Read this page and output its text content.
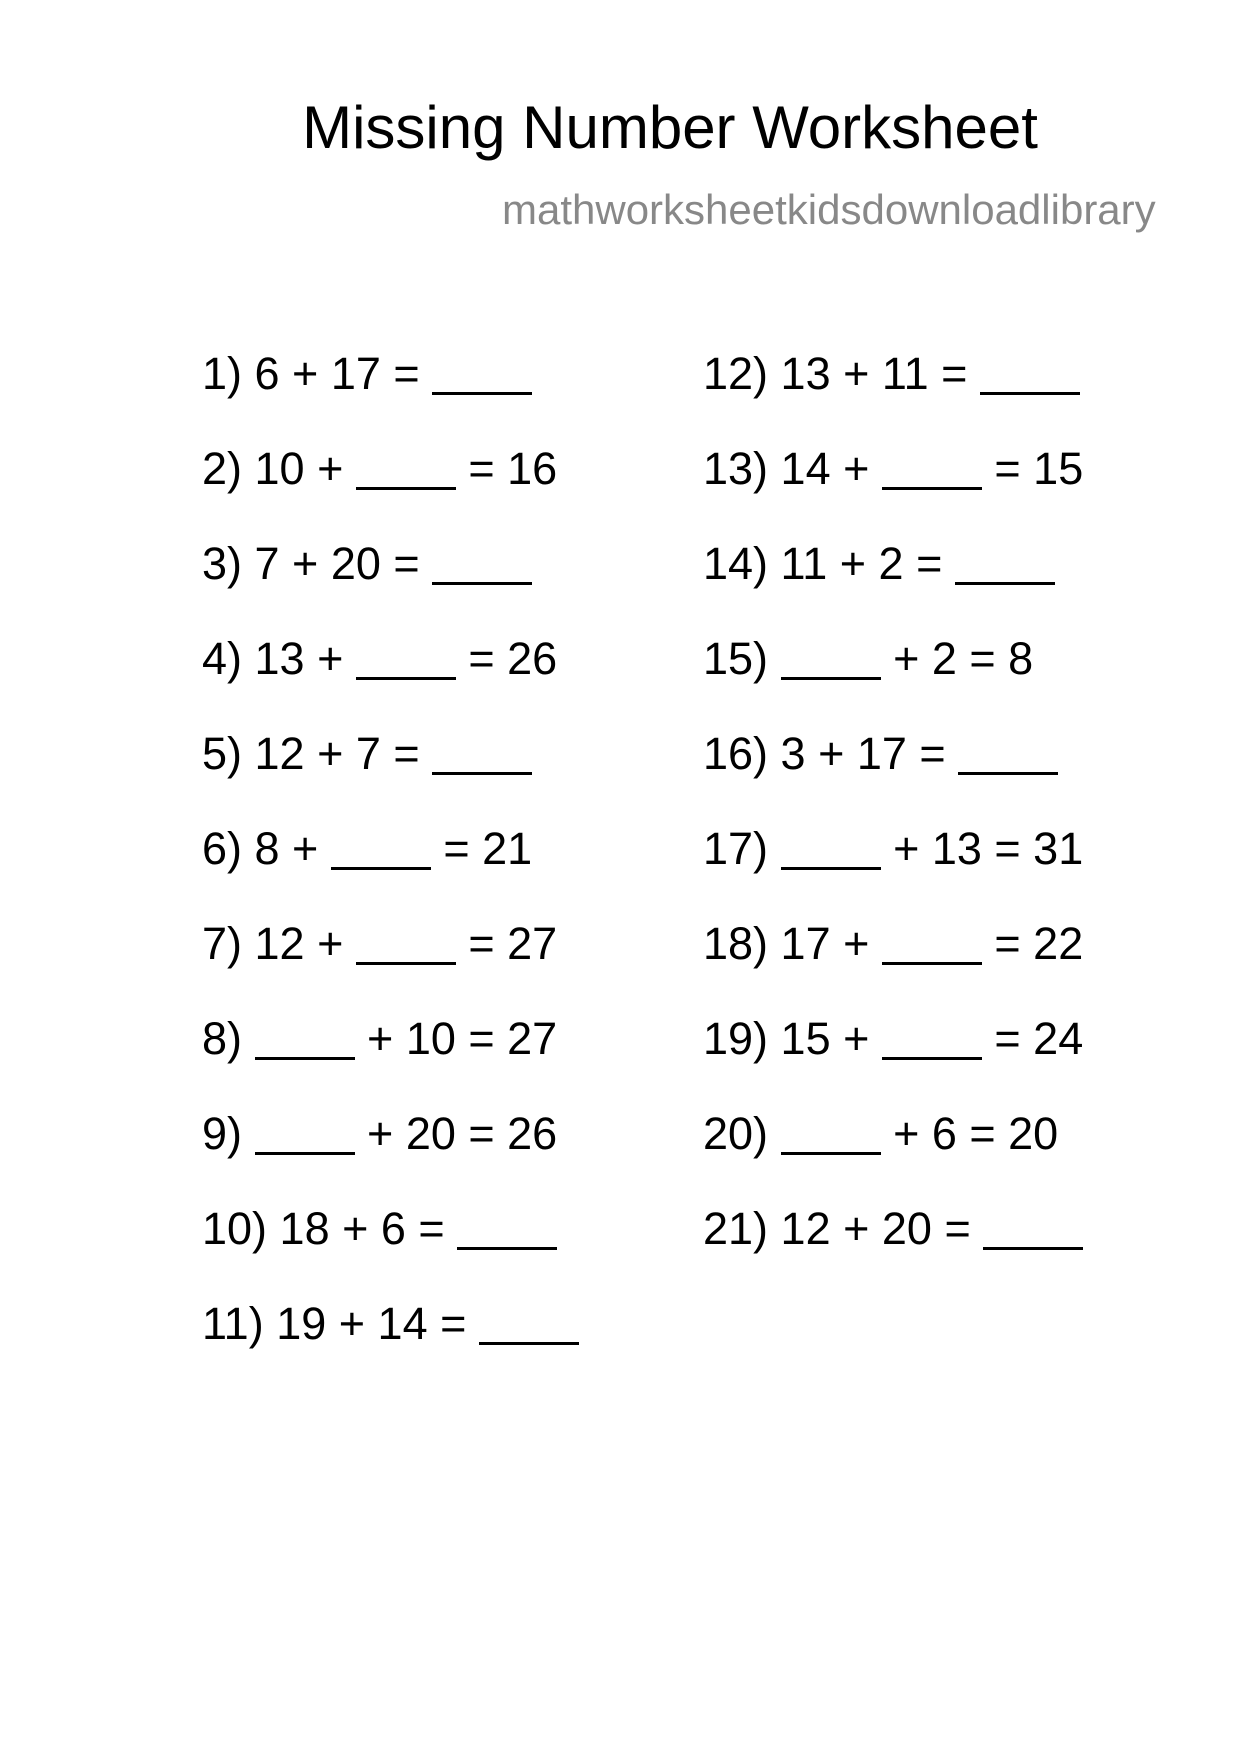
Missing Number Worksheet
mathworksheetkidsdownloadlibrary
1) 6 + 17 =
2) 10 +  = 16
3) 7 + 20 =
4) 13 +  = 26
5) 12 + 7 =
6) 8 +  = 21
7) 12 +  = 27
8)	+ 10 = 27
9)	+ 20 = 26
10) 18 + 6 =
11) 19 + 14 =
12) 13 + 11 =
13) 14 +  = 15
14) 11 + 2 =
15)	+ 2 = 8
16) 3 + 17 =
17)	+ 13 = 31
18) 17 +  = 22
19) 15 +  = 24
20)	+ 6 = 20
21) 12 + 20 =
